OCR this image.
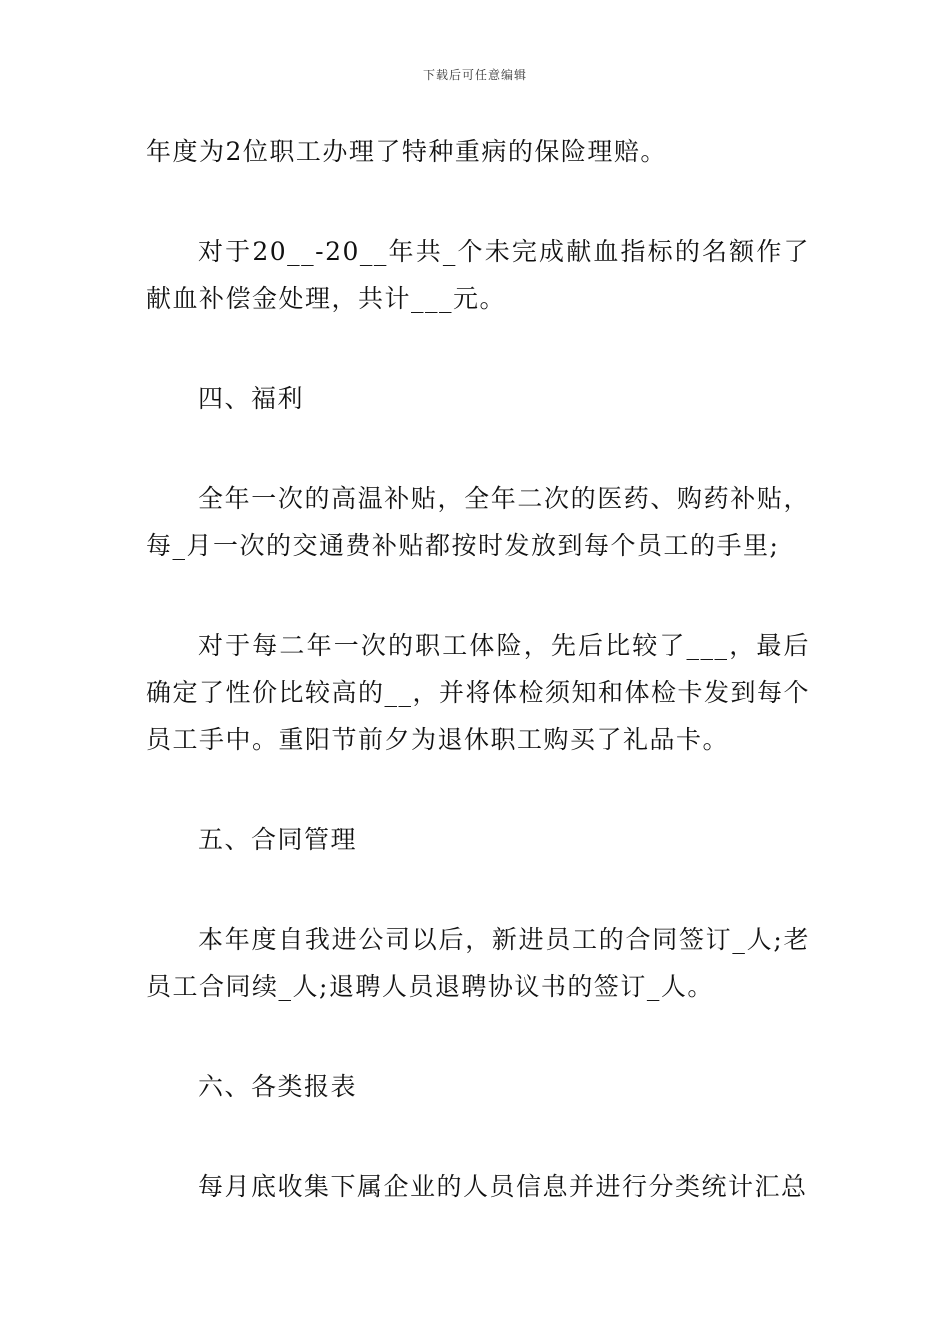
下载后可任意编辑

年度为2位职工办理了特种重病的保险理赔。

对于20__-20__年共_个未完成献血指标的名额作了献血补偿金处理，共计___元。

四、福利

全年一次的高温补贴，全年二次的医药、购药补贴，每_月一次的交通费补贴都按时发放到每个员工的手里;

对于每二年一次的职工体险，先后比较了___，最后确定了性价比较高的__，并将体检须知和体检卡发到每个员工手中。重阳节前夕为退休职工购买了礼品卡。

五、合同管理

本年度自我进公司以后，新进员工的合同签订_人;老员工合同续_人;退聘人员退聘协议书的签订_人。

六、各类报表

每月底收集下属企业的人员信息并进行分类统计汇总
